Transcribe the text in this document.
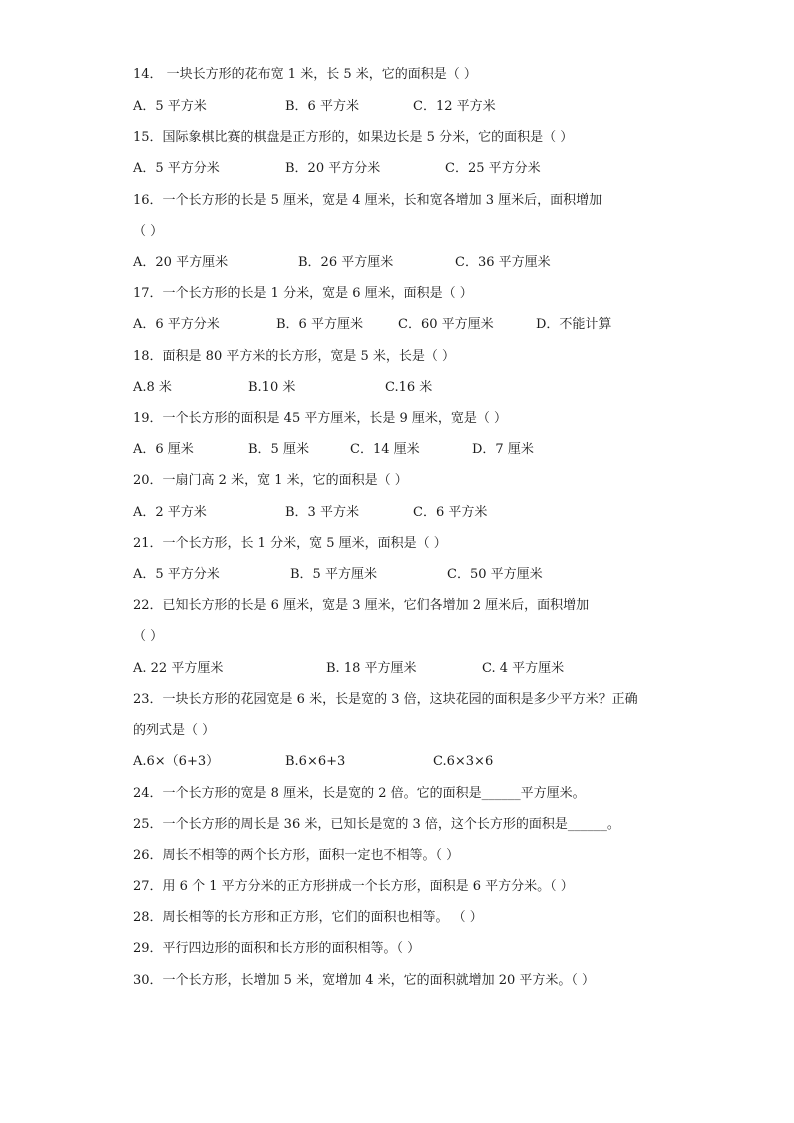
14． 一块长方形的花布宽 1 米，长 5 米，它的面积是（ ）
A．5 平方米	B．6 平方米	C．12 平方米
15．国际象棋比赛的棋盘是正方形的，如果边长是 5 分米，它的面积是（ ）
A．5 平方分米	B．20 平方分米	C．25 平方分米
16．一个长方形的长是 5 厘米，宽是 4 厘米，长和宽各增加 3 厘米后，面积增加
（ ）
A．20 平方厘米	B．26 平方厘米	C．36 平方厘米
17．一个长方形的长是 1 分米，宽是 6 厘米，面积是（ ）
A．6 平方分米	B．6 平方厘米	C．60 平方厘米	D．不能计算
18．面积是 80 平方米的长方形，宽是 5 米，长是（ ）
A.8 米	B.10 米	C.16 米
19．一个长方形的面积是 45 平方厘米，长是 9 厘米，宽是（ ）
A．6 厘米	B．5 厘米	C．14 厘米	D．7 厘米
20．一扇门高 2 米，宽 1 米，它的面积是（ ）
A．2 平方米	B．3 平方米	C．6 平方米
21．一个长方形，长 1 分米，宽 5 厘米，面积是（ ）
A．5 平方分米	B．5 平方厘米	C．50 平方厘米
22．已知长方形的长是 6 厘米，宽是 3 厘米，它们各增加 2 厘米后，面积增加
（ ）
A. 22 平方厘米	B. 18 平方厘米	C. 4 平方厘米
23．一块长方形的花园宽是 6 米，长是宽的 3 倍，这块花园的面积是多少平方米？正确
的列式是（ ）
A.6×（6+3）	B.6×6+3	C.6×3×6
24．一个长方形的宽是 8 厘米，长是宽的 2 倍。它的面积是______平方厘米。
25．一个长方形的周长是 36 米，已知长是宽的 3 倍，这个长方形的面积是______。
26．周长不相等的两个长方形，面积一定也不相等。（ ）
27．用 6 个 1 平方分米的正方形拼成一个长方形，面积是 6 平方分米。（ ）
28．周长相等的长方形和正方形，它们的面积也相等。 （ ）
29．平行四边形的面积和长方形的面积相等。（ ）
30．一个长方形，长增加 5 米，宽增加 4 米，它的面积就增加 20 平方米。（ ）
